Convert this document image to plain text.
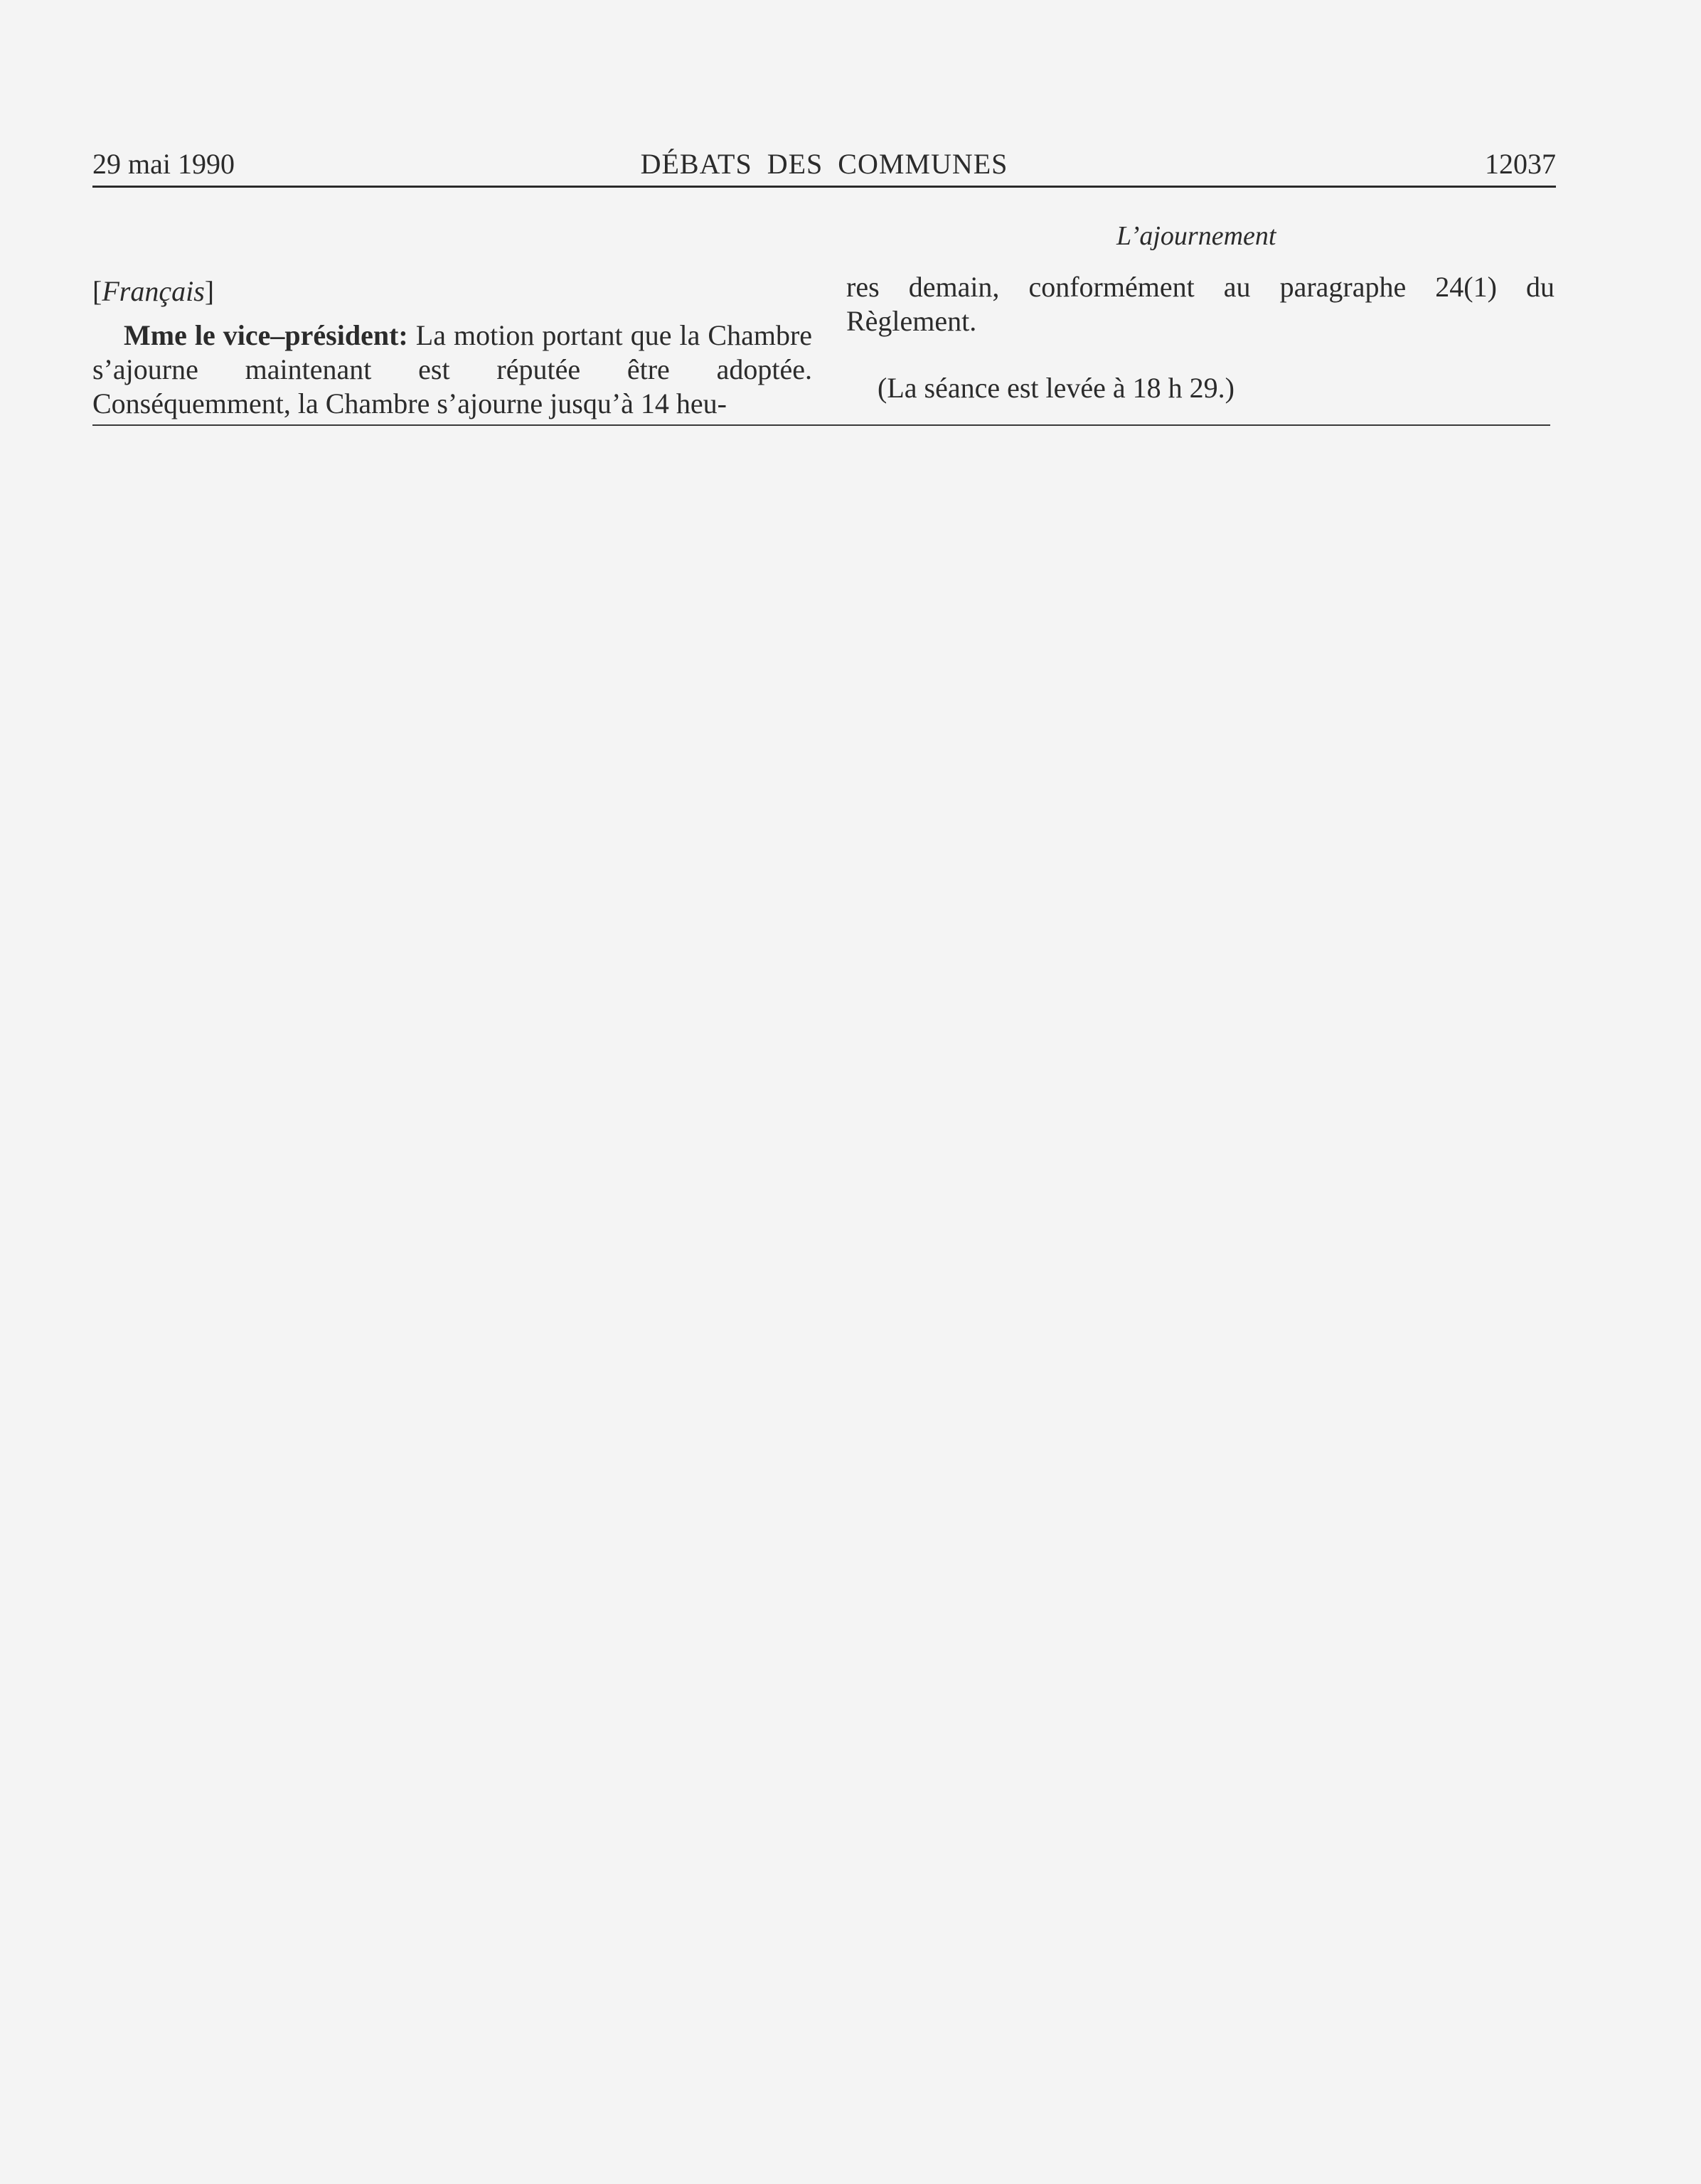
29 mai 1990	DÉBATS DES COMMUNES	12037
L’ajournement

[Français]

Mme le vice–président: La motion portant que la Chambre s’ajourne maintenant est réputée être adoptée. Conséquemment, la Chambre s’ajourne jusqu’à 14 heu-

res demain, conformément au paragraphe 24(1) du Règlement.

(La séance est levée à 18 h 29.)
